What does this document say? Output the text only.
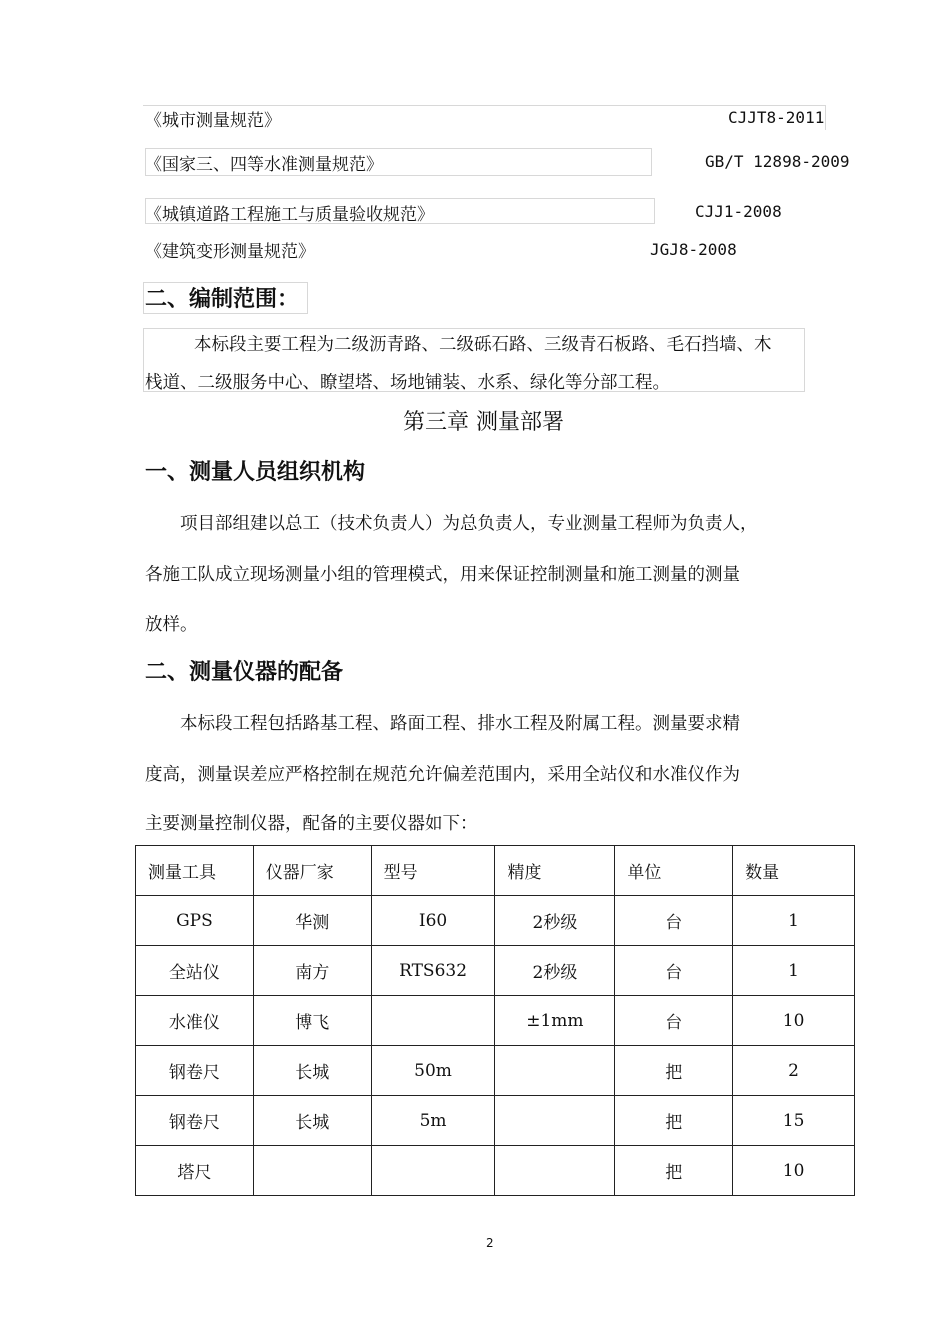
《城市测量规范》	CJJT8-2011
《国家三、四等水准测量规范》	GB/T 12898-2009
《城镇道路工程施工与质量验收规范》	CJJ1-2008
《建筑变形测量规范》	JGJ8-2008
二、编制范围：
本标段主要工程为二级沥青路、二级砾石路、三级青石板路、毛石挡墙、木
栈道、二级服务中心、瞭望塔、场地铺装、水系、绿化等分部工程。
第三章 测量部署
一、测量人员组织机构
项目部组建以总工（技术负责人）为总负责人，专业测量工程师为负责人，
各施工队成立现场测量小组的管理模式，用来保证控制测量和施工测量的测量
放样。
二、测量仪器的配备
本标段工程包括路基工程、路面工程、排水工程及附属工程。测量要求精
度高，测量误差应严格控制在规范允许偏差范围内，采用全站仪和水准仪作为
主要测量控制仪器，配备的主要仪器如下：
测量工具	仪器厂家	型号	精度	单位	数量
GPS	华测	I60	2秒级	台	1
全站仪	南方	RTS632	2秒级	台	1
水准仪	博飞		±1mm	台	10
钢卷尺	长城	50m		把	2
钢卷尺	长城	5m		把	15
塔尺				把	10
2
